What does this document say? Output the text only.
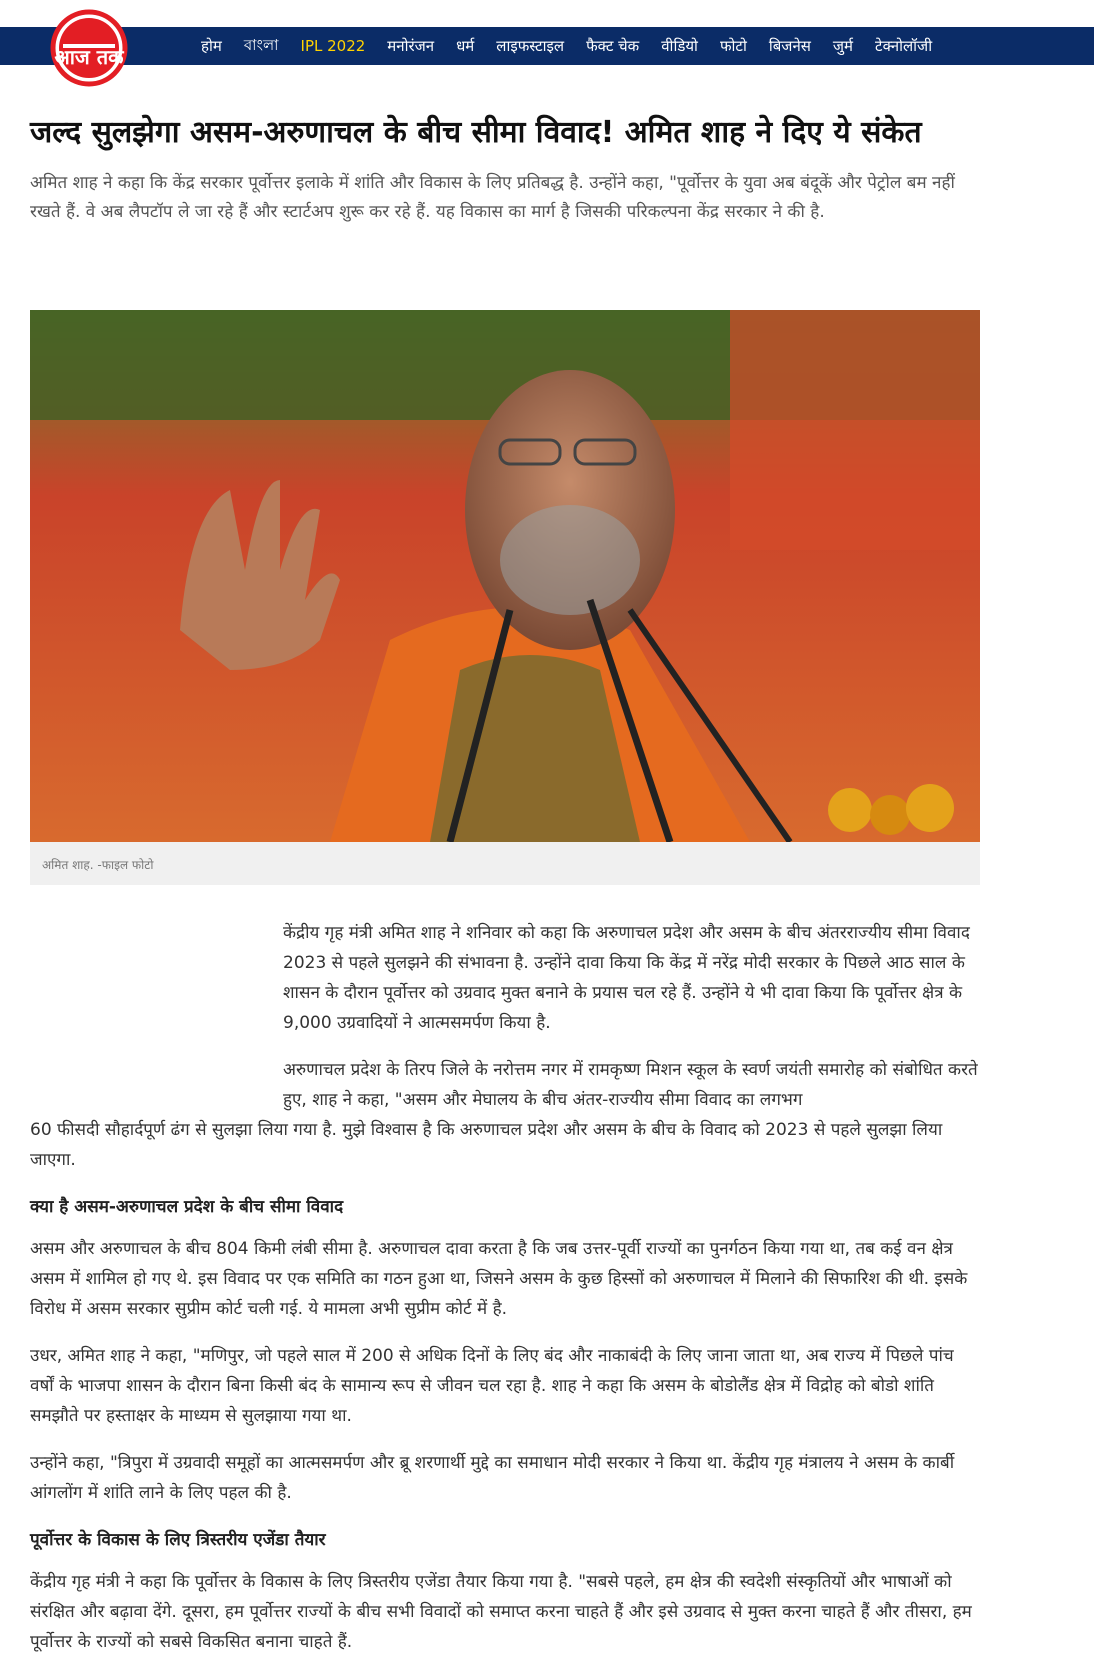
आज तक	होम বাংলা IPL 2022 मनोरंजन धर्म लाइफस्टाइल फैक्ट चेक वीडियो फोटो बिजनेस जुर्म टेक्नोलॉजी
जल्द सुलझेगा असम-अरुणाचल के बीच सीमा विवाद! अमित शाह ने दिए ये संकेत

अमित शाह ने कहा कि केंद्र सरकार पूर्वोत्तर इलाके में शांति और विकास के लिए प्रतिबद्ध है. उन्होंने कहा, "पूर्वोत्तर के युवा अब बंदूकें और पेट्रोल बम नहीं रखते हैं. वे अब लैपटॉप ले जा रहे हैं और स्टार्टअप शुरू कर रहे हैं. यह विकास का मार्ग है जिसकी परिकल्पना केंद्र सरकार ने की है.

अमित शाह. -फाइल फोटो

केंद्रीय गृह मंत्री अमित शाह ने शनिवार को कहा कि अरुणाचल प्रदेश और असम के बीच अंतरराज्यीय सीमा विवाद 2023 से पहले सुलझने की संभावना है. उन्होंने दावा किया कि केंद्र में नरेंद्र मोदी सरकार के पिछले आठ साल के शासन के दौरान पूर्वोत्तर को उग्रवाद मुक्त बनाने के प्रयास चल रहे हैं. उन्होंने ये भी दावा किया कि पूर्वोत्तर क्षेत्र के 9,000 उग्रवादियों ने आत्मसमर्पण किया है.

अरुणाचल प्रदेश के तिरप जिले के नरोत्तम नगर में रामकृष्ण मिशन स्कूल के स्वर्ण जयंती समारोह को संबोधित करते हुए, शाह ने कहा, "असम और मेघालय के बीच अंतर-राज्यीय सीमा विवाद का लगभग

60 फीसदी सौहार्दपूर्ण ढंग से सुलझा लिया गया है. मुझे विश्वास है कि अरुणाचल प्रदेश और असम के बीच के विवाद को 2023 से पहले सुलझा लिया जाएगा.

क्या है असम-अरुणाचल प्रदेश के बीच सीमा विवाद

असम और अरुणाचल के बीच 804 किमी लंबी सीमा है. अरुणाचल दावा करता है कि जब उत्तर-पूर्वी राज्यों का पुनर्गठन किया गया था, तब कई वन क्षेत्र असम में शामिल हो गए थे. इस विवाद पर एक समिति का गठन हुआ था, जिसने असम के कुछ हिस्सों को अरुणाचल में मिलाने की सिफारिश की थी. इसके विरोध में असम सरकार सुप्रीम कोर्ट चली गई. ये मामला अभी सुप्रीम कोर्ट में है.

उधर, अमित शाह ने कहा, "मणिपुर, जो पहले साल में 200 से अधिक दिनों के लिए बंद और नाकाबंदी के लिए जाना जाता था, अब राज्य में पिछले पांच वर्षों के भाजपा शासन के दौरान बिना किसी बंद के सामान्य रूप से जीवन चल रहा है. शाह ने कहा कि असम के बोडोलैंड क्षेत्र में विद्रोह को बोडो शांति समझौते पर हस्ताक्षर के माध्यम से सुलझाया गया था.

उन्होंने कहा, "त्रिपुरा में उग्रवादी समूहों का आत्मसमर्पण और ब्रू शरणार्थी मुद्दे का समाधान मोदी सरकार ने किया था. केंद्रीय गृह मंत्रालय ने असम के कार्बी आंगलोंग में शांति लाने के लिए पहल की है.

पूर्वोत्तर के विकास के लिए त्रिस्तरीय एजेंडा तैयार

केंद्रीय गृह मंत्री ने कहा कि पूर्वोत्तर के विकास के लिए त्रिस्तरीय एजेंडा तैयार किया गया है. "सबसे पहले, हम क्षेत्र की स्वदेशी संस्कृतियों और भाषाओं को संरक्षित और बढ़ावा देंगे. दूसरा, हम पूर्वोत्तर राज्यों के बीच सभी विवादों को समाप्त करना चाहते हैं और इसे उग्रवाद से मुक्त करना चाहते हैं और तीसरा, हम पूर्वोत्तर के राज्यों को सबसे विकसित बनाना चाहते हैं.
